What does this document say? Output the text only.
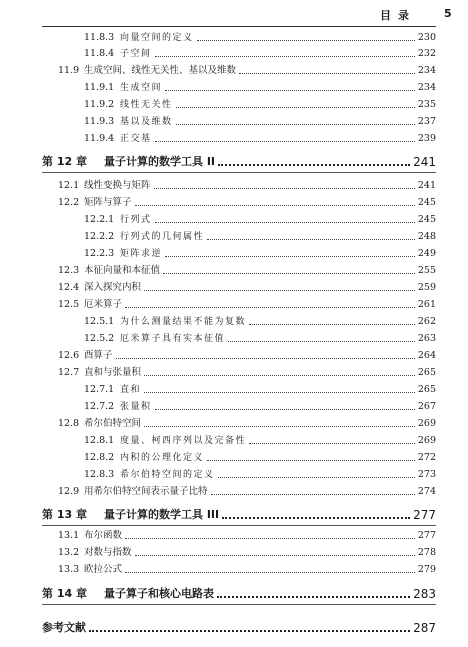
目录	5
11.8.3 向量空间的定义	230
11.8.4 子空间	232
11.9 生成空间、线性无关性、基以及维数	234
11.9.1 生成空间	234
11.9.2 线性无关性	235
11.9.3 基以及维数	237
11.9.4 正交基	239
第 12 章 量子计算的数学工具 II	241
12.1 线性变换与矩阵	241
12.2 矩阵与算子	245
12.2.1 行列式	245
12.2.2 行列式的几何属性	248
12.2.3 矩阵求逆	249
12.3 本征向量和本征值	255
12.4 深入探究内积	259
12.5 厄米算子	261
12.5.1 为什么测量结果不能为复数	262
12.5.2 厄米算子具有实本征值	263
12.6 酉算子	264
12.7 直和与张量积	265
12.7.1 直和	265
12.7.2 张量积	267
12.8 希尔伯特空间	269
12.8.1 度量、柯西序列以及完备性	269
12.8.2 内积的公理化定义	272
12.8.3 希尔伯特空间的定义	273
12.9 用希尔伯特空间表示量子比特	274
第 13 章 量子计算的数学工具 III	277
13.1 布尔函数	277
13.2 对数与指数	278
13.3 欧拉公式	279
第 14 章 量子算子和核心电路表	283
参考文献	287
